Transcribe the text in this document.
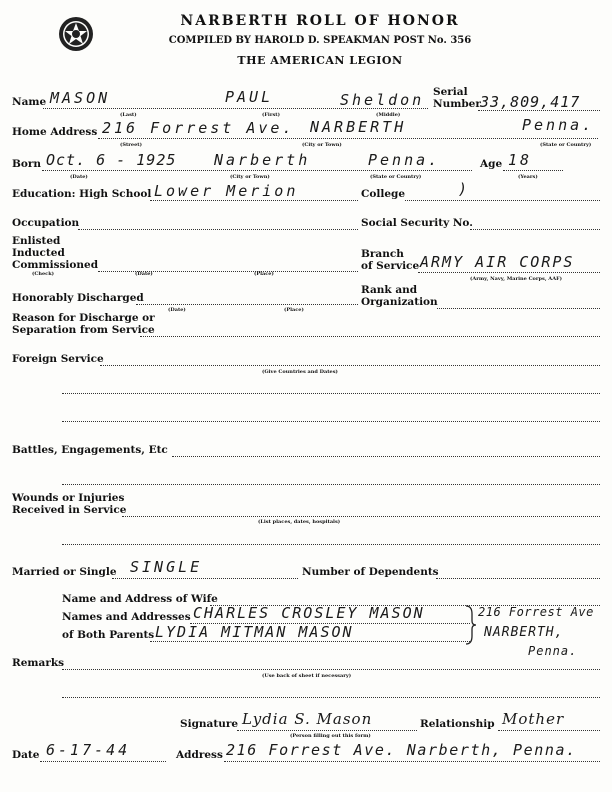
NARBERTH ROLL OF HONOR
COMPILED BY HAROLD D. SPEAKMAN POST No. 356
THE AMERICAN LEGION
Name MASON	PAUL	Sheldon
(Last)	(First)	(Middle)
Serial
Number 33,809,417
Home Address 216 Forrest Ave. NARBERTH	Penna.
(Street)	(City or Town)	(State or Country)
Born Oct. 6 - 1925	Narberth	Penna.
(Date)	(City or Town)	(State or Country)
Age 18
(Years)
Education: High School Lower Merion	College	)
Occupation	Social Security No.
Enlisted
Inducted
Commissioned
(Check)	(Date)	(Place)
Branch
of Service ARMY AIR CORPS
(Army, Navy, Marine Corps, AAF)
Rank and
Organization
Honorably Discharged
(Date)	(Place)
Reason for Discharge or
Separation from Service
Foreign Service
(Give Countries and Dates)
Battles, Engagements, Etc
Wounds or Injuries
Received in Service
(List places, dates, hospitals)
Married or Single SINGLE	Number of Dependents
Name and Address of Wife
Names and Addresses CHARLES CROSLEY MASON
of Both Parents LYDIA MITMAN MASON
216 Forrest Ave
NARBERTH,
Penna.
Remarks
(Use back of sheet if necessary)
Signature Lydia S. Mason
(Person filling out this form)
Relationship Mother
Date 6-17-44	Address 216 Forrest Ave. Narberth, Penna.
